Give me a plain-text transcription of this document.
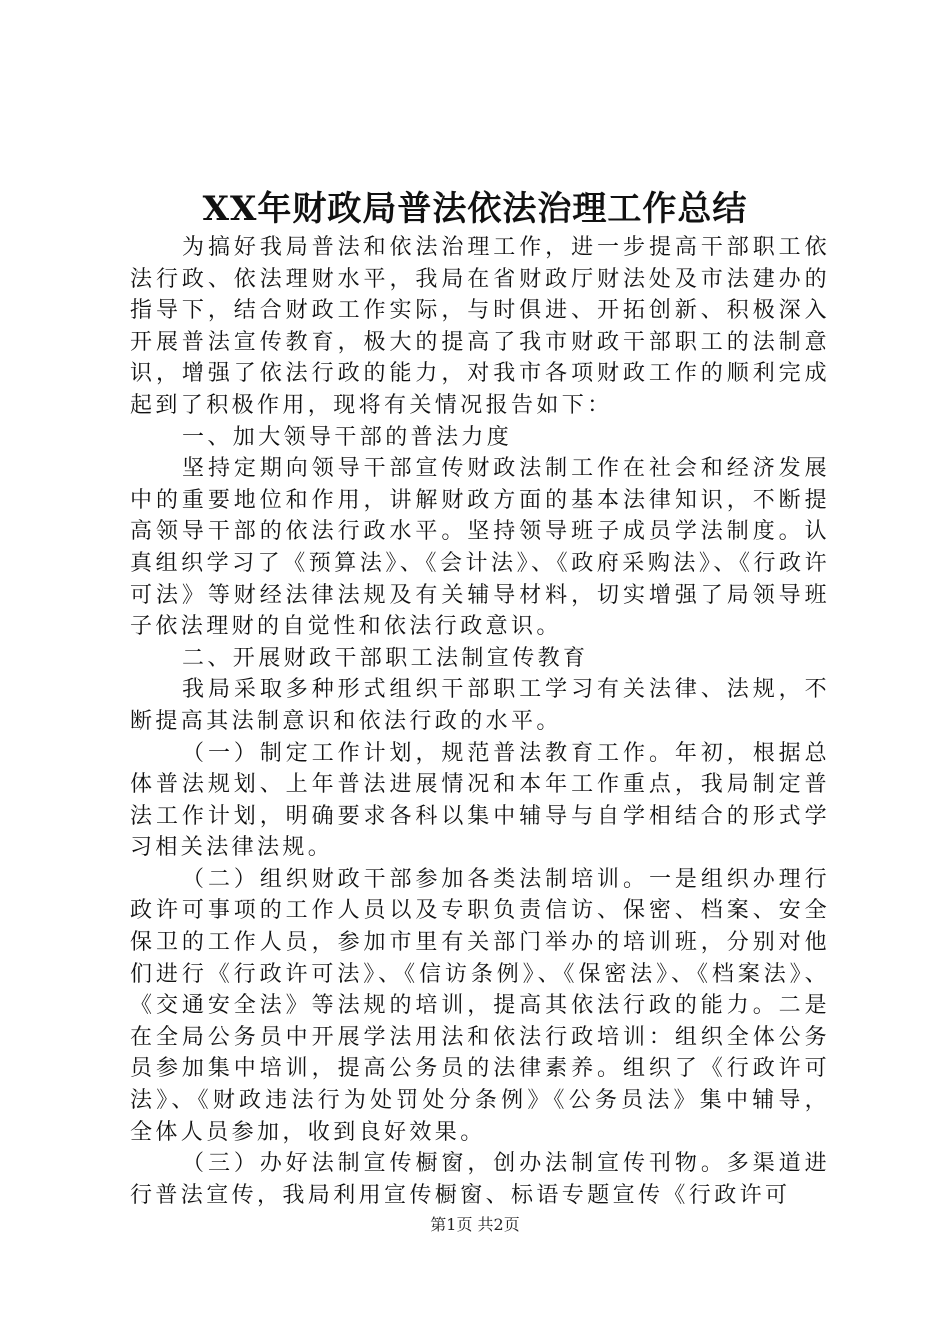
XX年财政局普法依法治理工作总结

为搞好我局普法和依法治理工作，进一步提高干部职工依法行政、依法理财水平，我局在省财政厅财法处及市法建办的指导下，结合财政工作实际，与时俱进、开拓创新、积极深入开展普法宣传教育，极大的提高了我市财政干部职工的法制意识，增强了依法行政的能力，对我市各项财政工作的顺利完成起到了积极作用，现将有关情况报告如下：

一、加大领导干部的普法力度

坚持定期向领导干部宣传财政法制工作在社会和经济发展中的重要地位和作用，讲解财政方面的基本法律知识，不断提高领导干部的依法行政水平。坚持领导班子成员学法制度。认真组织学习了《预算法》、《会计法》、《政府采购法》、《行政许可法》等财经法律法规及有关辅导材料，切实增强了局领导班子依法理财的自觉性和依法行政意识。

二、开展财政干部职工法制宣传教育

我局采取多种形式组织干部职工学习有关法律、法规，不断提高其法制意识和依法行政的水平。

（一）制定工作计划，规范普法教育工作。年初，根据总体普法规划、上年普法进展情况和本年工作重点，我局制定普法工作计划，明确要求各科以集中辅导与自学相结合的形式学习相关法律法规。

（二）组织财政干部参加各类法制培训。一是组织办理行政许可事项的工作人员以及专职负责信访、保密、档案、安全保卫的工作人员，参加市里有关部门举办的培训班，分别对他们进行《行政许可法》、《信访条例》、《保密法》、《档案法》、《交通安全法》等法规的培训，提高其依法行政的能力。二是在全局公务员中开展学法用法和依法行政培训：组织全体公务员参加集中培训，提高公务员的法律素养。组织了《行政许可法》、《财政违法行为处罚处分条例》《公务员法》集中辅导，全体人员参加，收到良好效果。

（三）办好法制宣传橱窗，创办法制宣传刊物。多渠道进行普法宣传，我局利用宣传橱窗、标语专题宣传《行政许可

第1页 共2页
